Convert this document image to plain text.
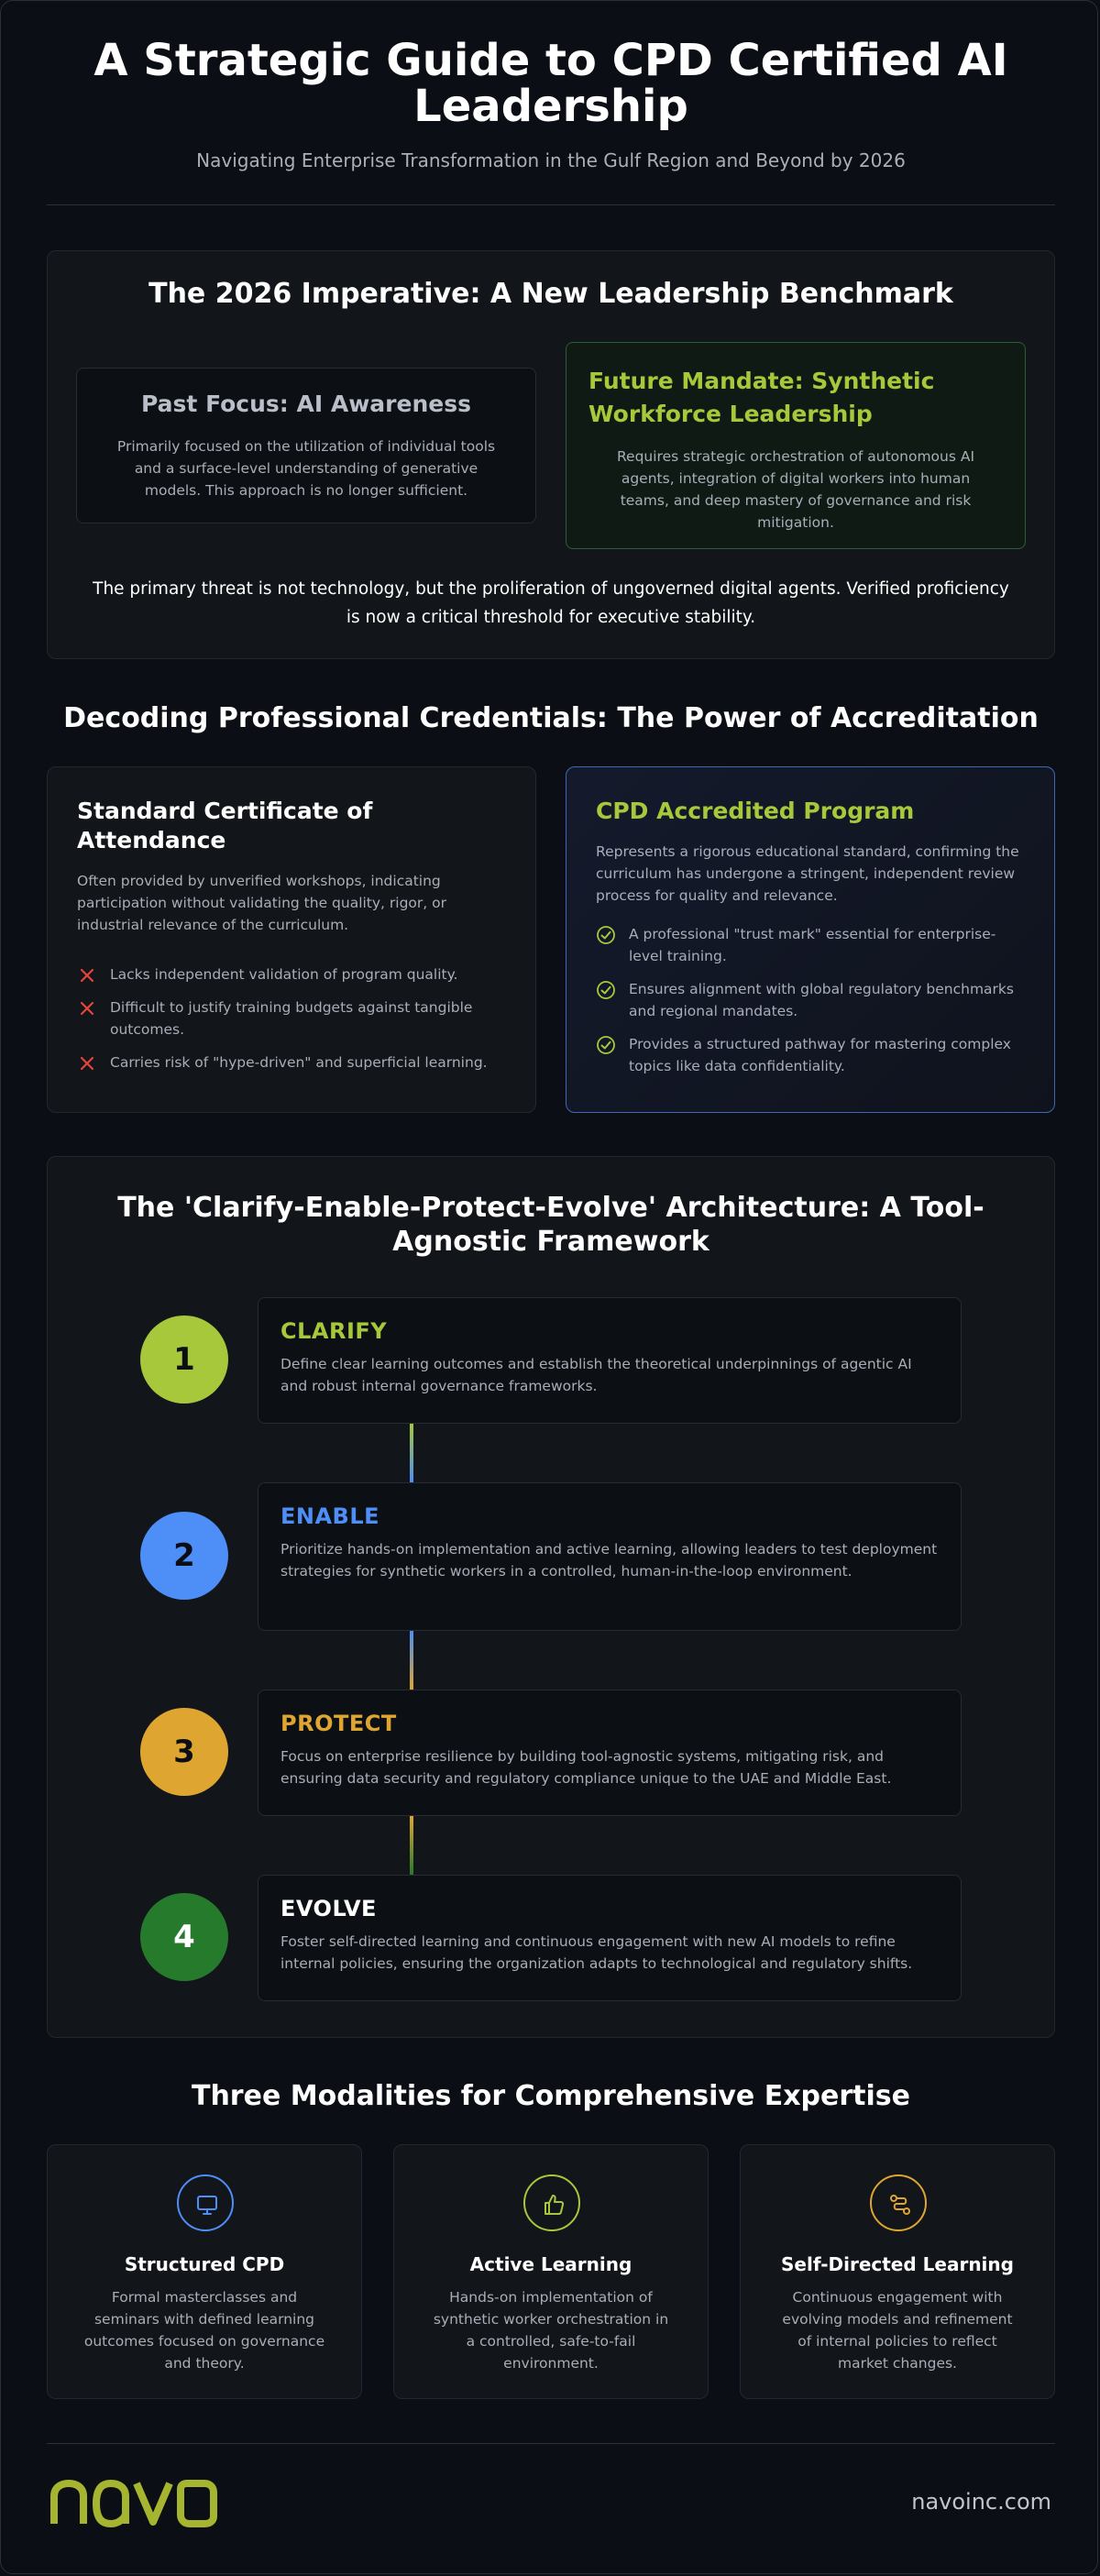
A Strategic Guide to CPD Certified AI Leadership
Navigating Enterprise Transformation in the Gulf Region and Beyond by 2026
The 2026 Imperative: A New Leadership Benchmark
Past Focus: AI Awareness

Primarily focused on the utilization of individual tools and a surface-level understanding of generative models. This approach is no longer sufficient.

Future Mandate: Synthetic Workforce Leadership

Requires strategic orchestration of autonomous AI agents, integration of digital workers into human teams, and deep mastery of governance and risk mitigation.

The primary threat is not technology, but the proliferation of ungoverned digital agents. Verified proficiency is now a critical threshold for executive stability.
Decoding Professional Credentials: The Power of Accreditation
Standard Certificate of Attendance
Often provided by unverified workshops, indicating participation without validating the quality, rigor, or industrial relevance of the curriculum.
Lacks independent validation of program quality.
Difficult to justify training budgets against tangible outcomes.
Carries risk of "hype-driven" and superficial learning.
CPD Accredited Program
Represents a rigorous educational standard, confirming the curriculum has undergone a stringent, independent review process for quality and relevance.
A professional "trust mark" essential for enterprise-level training.
Ensures alignment with global regulatory benchmarks and regional mandates.
Provides a structured pathway for mastering complex topics like data confidentiality.
The 'Clarify-Enable-Protect-Evolve' Architecture: A Tool-Agnostic Framework
1
CLARIFY

Define clear learning outcomes and establish the theoretical underpinnings of agentic AI and robust internal governance frameworks.

2
ENABLE

Prioritize hands-on implementation and active learning, allowing leaders to test deployment strategies for synthetic workers in a controlled, human-in-the-loop environment.

3
PROTECT

Focus on enterprise resilience by building tool-agnostic systems, mitigating risk, and ensuring data security and regulatory compliance unique to the UAE and Middle East.

4
EVOLVE

Foster self-directed learning and continuous engagement with new AI models to refine internal policies, ensuring the organization adapts to technological and regulatory shifts.

Three Modalities for Comprehensive Expertise
Structured CPD

Formal masterclasses and seminars with defined learning outcomes focused on governance and theory.

Active Learning

Hands-on implementation of synthetic worker orchestration in a controlled, safe-to-fail environment.

Self-Directed Learning

Continuous engagement with evolving models and refinement of internal policies to reflect market changes.

navoinc.com
